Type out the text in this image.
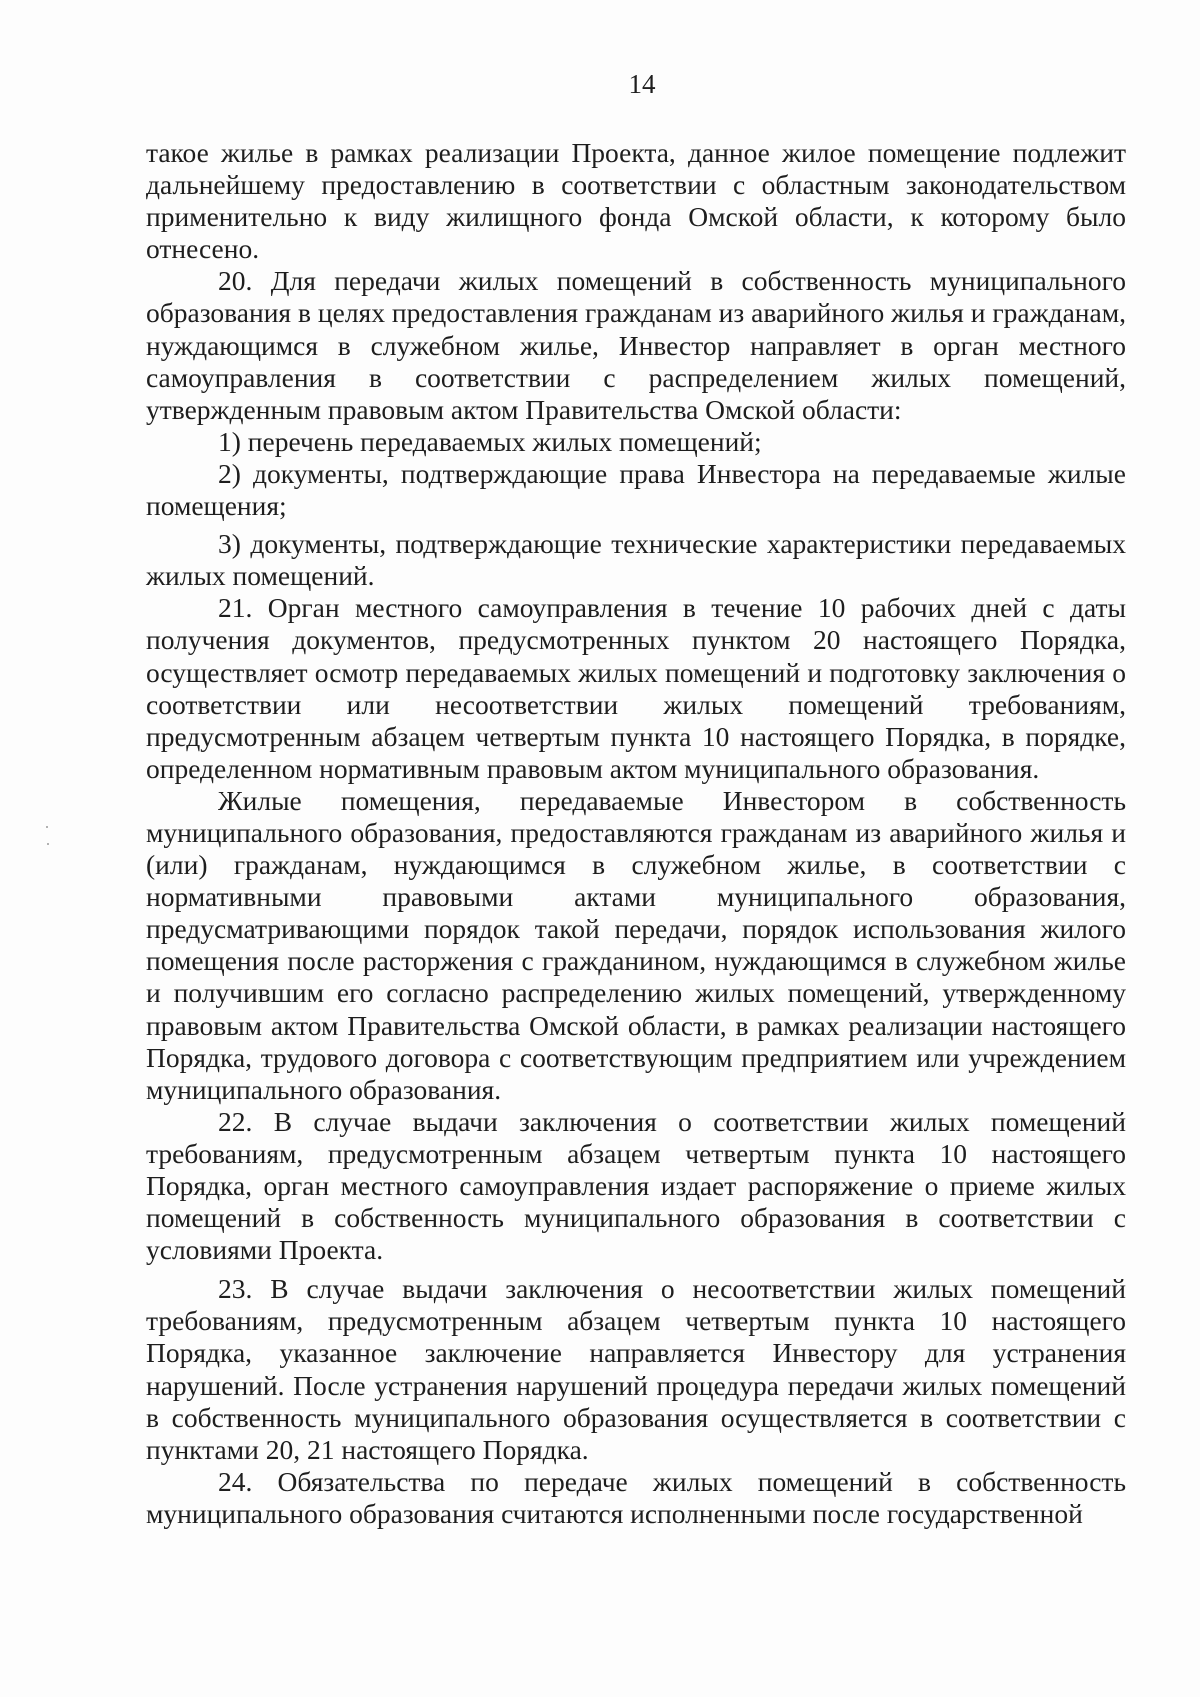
14

такое жилье в рамках реализации Проекта, данное жилое помещение подлежит дальнейшему предоставлению в соответствии с областным законодательством применительно к виду жилищного фонда Омской области, к которому было отнесено.

20. Для передачи жилых помещений в собственность муниципального образования в целях предоставления гражданам из аварийного жилья и гражданам, нуждающимся в служебном жилье, Инвестор направляет в орган местного самоуправления в соответствии с распределением жилых помещений, утвержденным правовым актом Правительства Омской области:

1) перечень передаваемых жилых помещений;

2) документы, подтверждающие права Инвестора на передаваемые жилые помещения;

3) документы, подтверждающие технические характеристики передаваемых жилых помещений.

21. Орган местного самоуправления в течение 10 рабочих дней с даты получения документов, предусмотренных пунктом 20 настоящего Порядка, осуществляет осмотр передаваемых жилых помещений и подготовку заключения о соответствии или несоответствии жилых помещений требованиям, предусмотренным абзацем четвертым пункта 10 настоящего Порядка, в порядке, определенном нормативным правовым актом муниципального образования.

Жилые помещения, передаваемые Инвестором в собственность муниципального образования, предоставляются гражданам из аварийного жилья и (или) гражданам, нуждающимся в служебном жилье, в соответствии с нормативными правовыми актами муниципального образования, предусматривающими порядок такой передачи, порядок использования жилого помещения после расторжения с гражданином, нуждающимся в служебном жилье и получившим его согласно распределению жилых помещений, утвержденному правовым актом Правительства Омской области, в рамках реализации настоящего Порядка, трудового договора с соответствующим предприятием или учреждением муниципального образования.

22. В случае выдачи заключения о соответствии жилых помещений требованиям, предусмотренным абзацем четвертым пункта 10 настоящего Порядка, орган местного самоуправления издает распоряжение о приеме жилых помещений в собственность муниципального образования в соответствии с условиями Проекта.

23. В случае выдачи заключения о несоответствии жилых помещений требованиям, предусмотренным абзацем четвертым пункта 10 настоящего Порядка, указанное заключение направляется Инвестору для устранения нарушений. После устранения нарушений процедура передачи жилых помещений в собственность муниципального образования осуществляется в соответствии с пунктами 20, 21 настоящего Порядка.

24. Обязательства по передаче жилых помещений в собственность муниципального образования считаются исполненными после государственной
